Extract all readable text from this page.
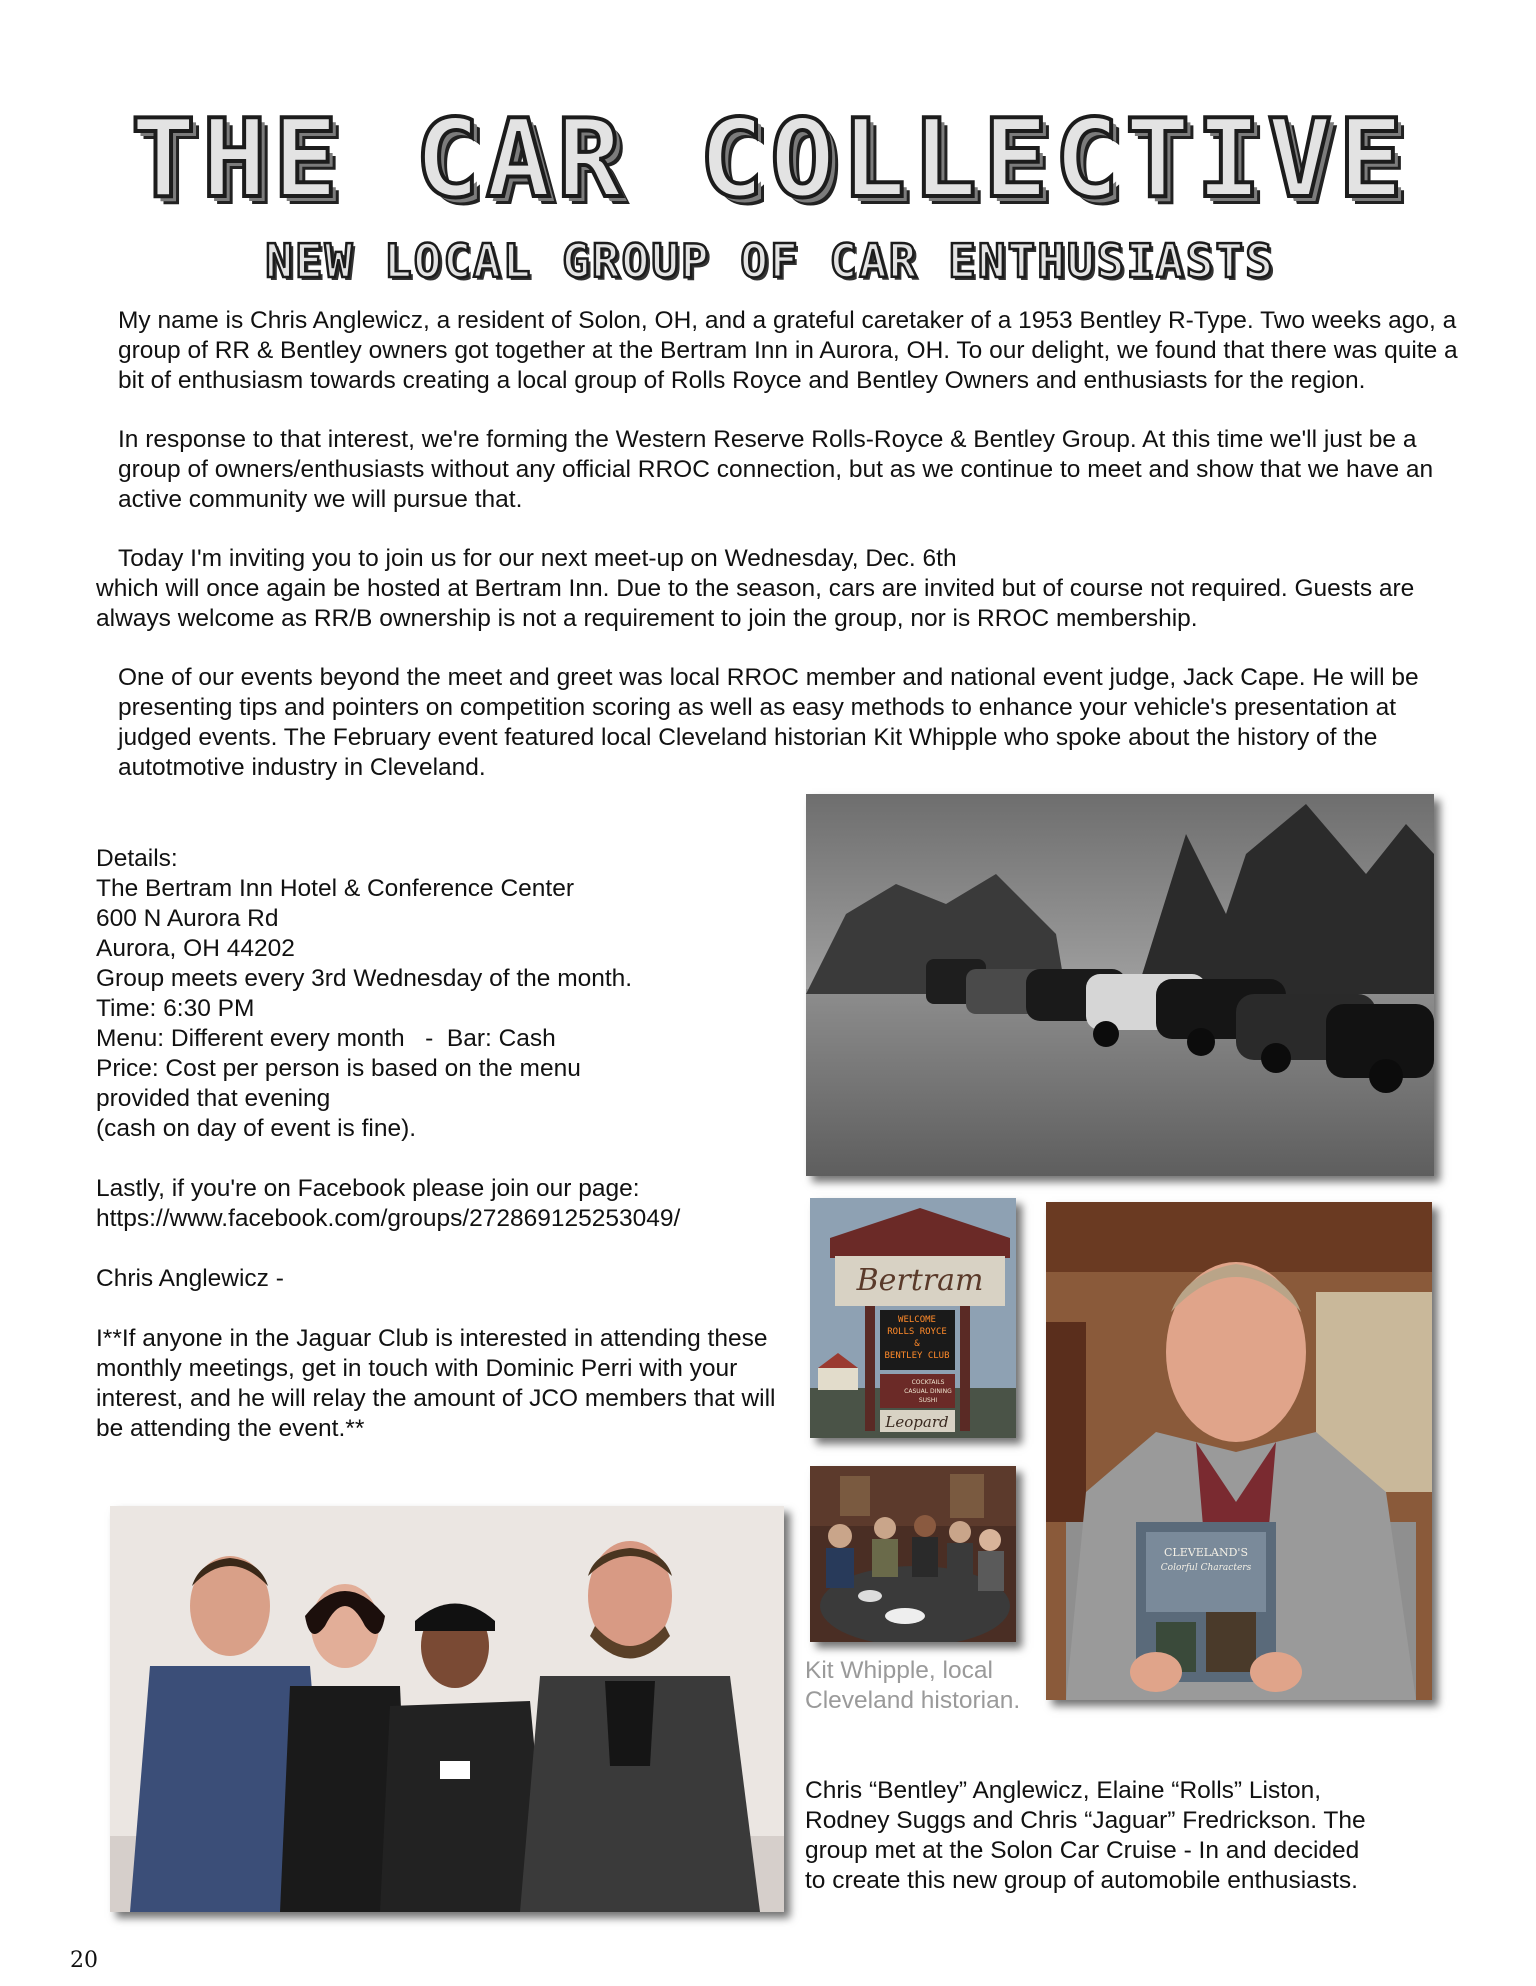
THE CAR COLLECTIVE
NEW LOCAL GROUP OF CAR ENTHUSIASTS

My name is Chris Anglewicz, a resident of Solon, OH, and a grateful caretaker of a 1953 Bentley R-Type. Two weeks ago, a group of RR & Bentley owners got together at the Bertram Inn in Aurora, OH. To our delight, we found that there was quite a bit of enthusiasm towards creating a local group of Rolls Royce and Bentley Owners and enthusiasts for the region.

In response to that interest, we're forming the Western Reserve Rolls-Royce & Bentley Group. At this time we'll just be a group of owners/enthusiasts without any official RROC connection, but as we continue to meet and show that we have an active community we will pursue that.

Today I'm inviting you to join us for our next meet-up on Wednesday, Dec. 6th

which will once again be hosted at Bertram Inn. Due to the season, cars are invited but of course not required. Guests are always welcome as RR/B ownership is not a requirement to join the group, nor is RROC membership.

One of our events beyond the meet and greet was local RROC member and national event judge, Jack Cape. He will be presenting tips and pointers on competition scoring as well as easy methods to enhance your vehicle's presentation at judged events. The February event featured local Cleveland historian Kit Whipple who spoke about the history of the autotmotive industry in Cleveland.

Details:
The Bertram Inn Hotel & Conference Center
600 N Aurora Rd
Aurora, OH 44202
Group meets every 3rd Wednesday of the month.
Time: 6:30 PM
Menu: Different every month   -  Bar: Cash
Price: Cost per person is based on the menu
provided that evening
(cash on day of event is fine).
Lastly, if you're on Facebook please join our page:
https://www.facebook.com/groups/272869125253049/
Chris Anglewicz -
I**If anyone in the Jaguar Club is interested in attending these monthly meetings, get in touch with Dominic Perri with your interest, and he will relay the amount of JCO members that will be attending the event.**
Bertram
WELCOME
ROLLS ROYCE
&
BENTLEY CLUB
COCKTAILS
CASUAL DINING
SUSHI
Leopard
CLEVELAND'S
Colorful Characters
Kit Whipple, local Cleveland historian.
Chris “Bentley” Anglewicz, Elaine “Rolls” Liston, Rodney Suggs and Chris “Jaguar” Fredrickson. The group met at the Solon Car Cruise - In and decided to create this new group of automobile enthusiasts.
20
